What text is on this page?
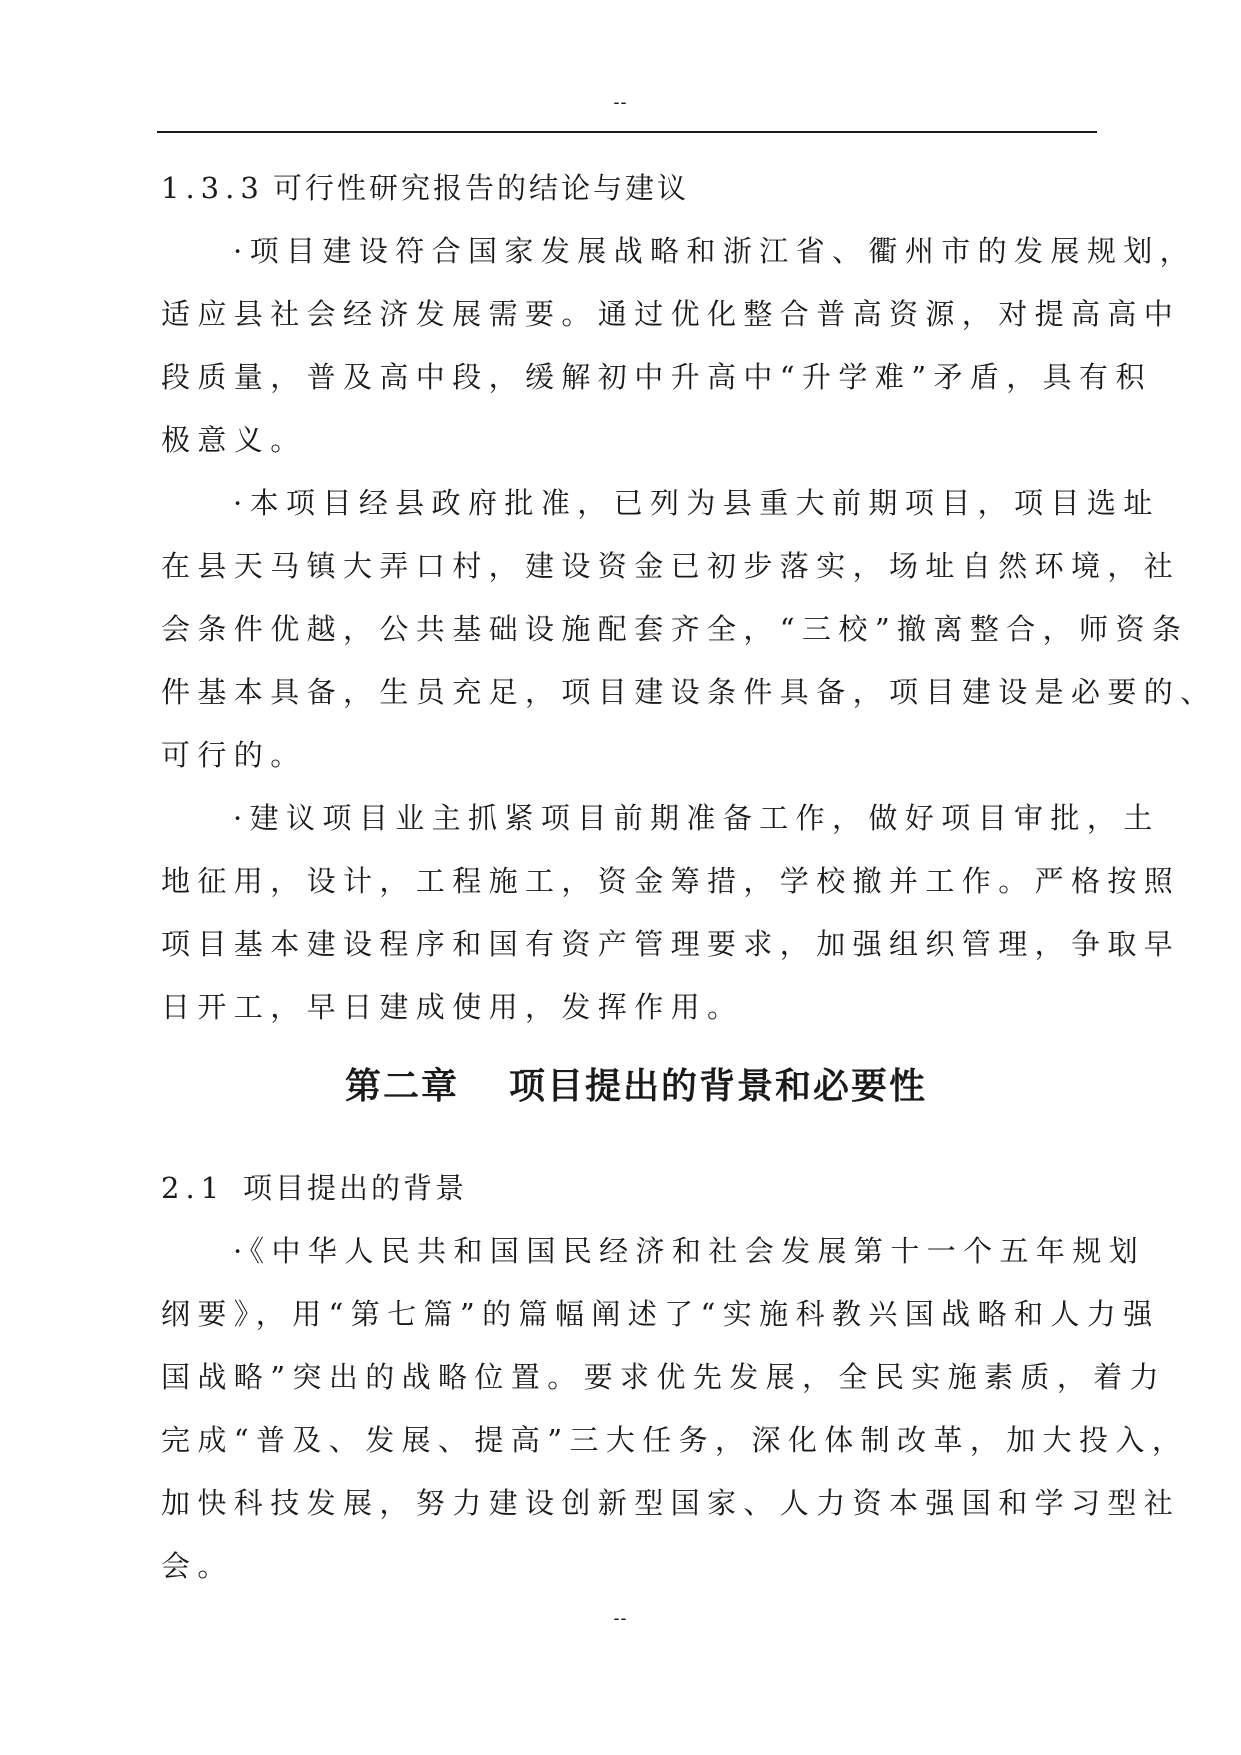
--
1.3.3 可行性研究报告的结论与建议
·项目建设符合国家发展战略和浙江省、衢州市的发展规划，
适应县社会经济发展需要。通过优化整合普高资源，对提高高中
段质量，普及高中段，缓解初中升高中“升学难”矛盾，具有积
极意义。
·本项目经县政府批准，已列为县重大前期项目，项目选址
在县天马镇大弄口村，建设资金已初步落实，场址自然环境，社
会条件优越，公共基础设施配套齐全，“三校”撤离整合，师资条
件基本具备，生员充足，项目建设条件具备，项目建设是必要的、
可行的。
·建议项目业主抓紧项目前期准备工作，做好项目审批，土
地征用，设计，工程施工，资金筹措，学校撤并工作。严格按照
项目基本建设程序和国有资产管理要求，加强组织管理，争取早
日开工，早日建成使用，发挥作用。
第二章 项目提出的背景和必要性
2.1 项目提出的背景
·《中华人民共和国国民经济和社会发展第十一个五年规划
纲要》，用“第七篇”的篇幅阐述了“实施科教兴国战略和人力强
国战略”突出的战略位置。要求优先发展，全民实施素质，着力
完成“普及、发展、提高”三大任务，深化体制改革，加大投入，
加快科技发展，努力建设创新型国家、人力资本强国和学习型社
会。
--
